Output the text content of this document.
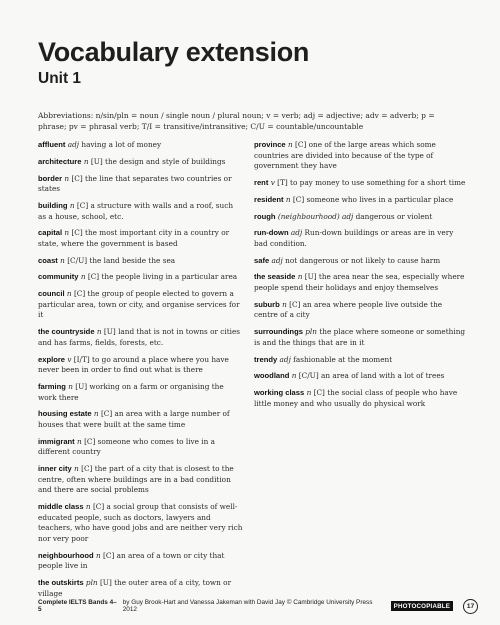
Vocabulary extension
Unit 1

Abbreviations: n/sin/pln = noun / single noun / plural noun; v = verb; adj = adjective; adv = adverb; p = phrase; pv = phrasal verb; T/I = transitive/intransitive; C/U = countable/uncountable

affluent adj having a lot of money

architecture n [U] the design and style of buildings

border n [C] the line that separates two countries or states

building n [C] a structure with walls and a roof, such as a house, school, etc.

capital n [C] the most important city in a country or state, where the government is based

coast n [C/U] the land beside the sea

community n [C] the people living in a particular area

council n [C] the group of people elected to govern a particular area, town or city, and organise services for it

the countryside n [U] land that is not in towns or cities and has farms, fields, forests, etc.

explore v [I/T] to go around a place where you have never been in order to find out what is there

farming n [U] working on a farm or organising the work there

housing estate n [C] an area with a large number of houses that were built at the same time

immigrant n [C] someone who comes to live in a different country

inner city n [C] the part of a city that is closest to the centre, often where buildings are in a bad condition and there are social problems

middle class n [C] a social group that consists of well-educated people, such as doctors, lawyers and teachers, who have good jobs and are neither very rich nor very poor

neighbourhood n [C] an area of a town or city that people live in

the outskirts pln [U] the outer area of a city, town or village

province n [C] one of the large areas which some countries are divided into because of the type of government they have

rent v [T] to pay money to use something for a short time

resident n [C] someone who lives in a particular place

rough (neighbourhood) adj dangerous or violent

run-down adj Run-down buildings or areas are in very bad condition.

safe adj not dangerous or not likely to cause harm

the seaside n [U] the area near the sea, especially where people spend their holidays and enjoy themselves

suburb n [C] an area where people live outside the centre of a city

surroundings pln the place where someone or something is and the things that are in it

trendy adj fashionable at the moment

woodland n [C/U] an area of land with a lot of trees

working class n [C] the social class of people who have little money and who usually do physical work

Complete IELTS Bands 4–5
by Guy Brook-Hart and Vanessa Jakeman with David Jay © Cambridge University Press 2012	PHOTOCOPIABLE	17
